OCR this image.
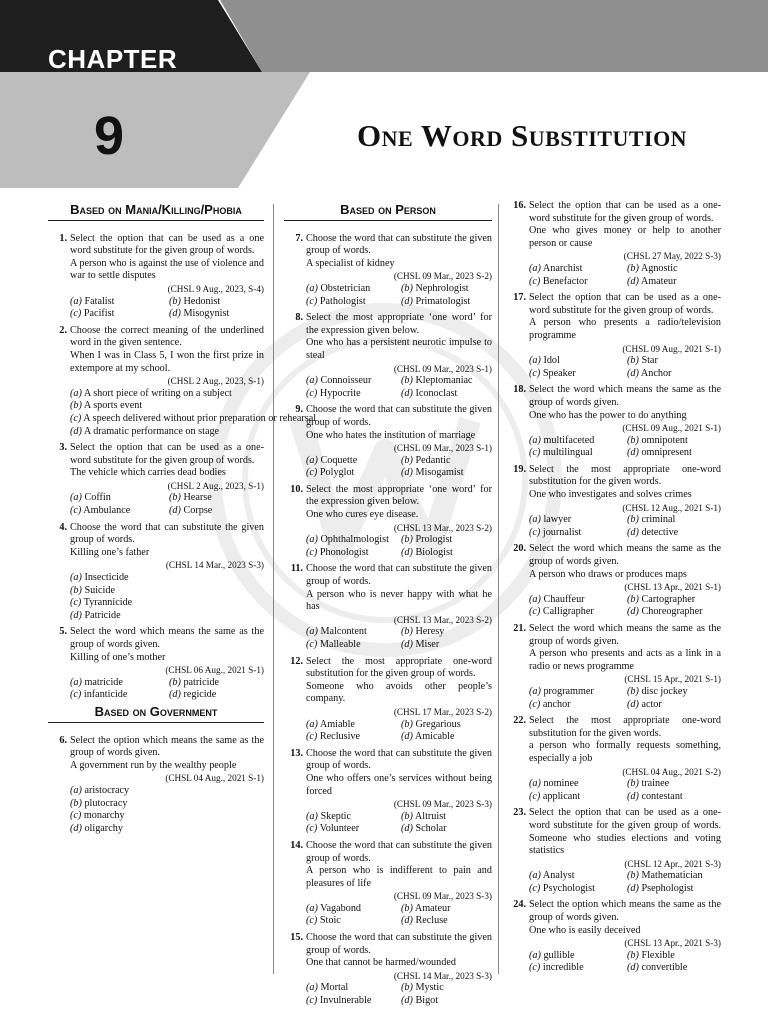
CHAPTER
9	One Word Substitution
Based on Mania/Killing/Phobia
1. Select the option that can be used as a one word substitute for the given group of words.
A person who is against the use of violence and war to settle disputes
(CHSL 9 Aug., 2023, S-4)
(a) Fatalist	(b) Hedonist
(c) Pacifist	(d) Misogynist
2. Choose the correct meaning of the underlined word in the given sentence.
When I was in Class 5, I won the first prize in extempore at my school.
(CHSL 2 Aug., 2023, S-1)
(a) A short piece of writing on a subject
(b) A sports event
(c) A speech delivered without prior preparation or rehearsal
(d) A dramatic performance on stage
3. Select the option that can be used as a one-word substitute for the given group of words.
The vehicle which carries dead bodies
(CHSL 2 Aug., 2023, S-1)
(a) Coffin	(b) Hearse
(c) Ambulance	(d) Corpse
4. Choose the word that can substitute the given group of words.
Killing one’s father
(CHSL 14 Mar., 2023 S-3)
(a) Insecticide
(b) Suicide
(c) Tyrannicide
(d) Patricide
5. Select the word which means the same as the group of words given.
Killing of one’s mother
(CHSL 06 Aug., 2021 S-1)
(a) matricide	(b) patricide
(c) infanticide	(d) regicide
Based on Government
6. Select the option which means the same as the group of words given.
A government run by the wealthy people
(CHSL 04 Aug., 2021 S-1)
(a) aristocracy
(b) plutocracy
(c) monarchy
(d) oligarchy
Based on Person
7. Choose the word that can substitute the given group of words.
A specialist of kidney
(CHSL 09 Mar., 2023 S-2)
(a) Obstetrician	(b) Nephrologist
(c) Pathologist	(d) Primatologist
8. Select the most appropriate ‘one word’ for the expression given below.
One who has a persistent neurotic impulse to steal
(CHSL 09 Mar., 2023 S-1)
(a) Connoisseur	(b) Kleptomaniac
(c) Hypocrite	(d) Iconoclast
9. Choose the word that can substitute the given group of words.
One who hates the institution of marriage
(CHSL 09 Mar., 2023 S-1)
(a) Coquette	(b) Pedantic
(c) Polyglot	(d) Misogamist
10. Select the most appropriate ‘one word’ for the expression given below.
One who cures eye disease.
(CHSL 13 Mar., 2023 S-2)
(a) Ophthalmologist	(b) Prologist
(c) Phonologist	(d) Biologist
11. Choose the word that can substitute the given group of words.
A person who is never happy with what he has
(CHSL 13 Mar., 2023 S-2)
(a) Malcontent	(b) Heresy
(c) Malleable	(d) Miser
12. Select the most appropriate one-word substitution for the given group of words.
Someone who avoids other people’s company.
(CHSL 17 Mar., 2023 S-2)
(a) Amiable	(b) Gregarious
(c) Reclusive	(d) Amicable
13. Choose the word that can substitute the given group of words.
One who offers one’s services without being forced
(CHSL 09 Mar., 2023 S-3)
(a) Skeptic	(b) Altruist
(c) Volunteer	(d) Scholar
14. Choose the word that can substitute the given group of words.
A person who is indifferent to pain and pleasures of life
(CHSL 09 Mar., 2023 S-3)
(a) Vagabond	(b) Amateur
(c) Stoic	(d) Recluse
15. Choose the word that can substitute the given group of words.
One that cannot be harmed/wounded
(CHSL 14 Mar., 2023 S-3)
(a) Mortal	(b) Mystic
(c) Invulnerable	(d) Bigot
16. Select the option that can be used as a one-word substitute for the given group of words.
One who gives money or help to another person or cause
(CHSL 27 May, 2022 S-3)
(a) Anarchist	(b) Agnostic
(c) Benefactor	(d) Amateur
17. Select the option that can be used as a one-word substitute for the given group of words.
A person who presents a radio/television programme
(CHSL 09 Aug., 2021 S-1)
(a) Idol	(b) Star
(c) Speaker	(d) Anchor
18. Select the word which means the same as the group of words given.
One who has the power to do anything
(CHSL 09 Aug., 2021 S-1)
(a) multifaceted	(b) omnipotent
(c) multilingual	(d) omnipresent
19. Select the most appropriate one-word substitution for the given words.
One who investigates and solves crimes
(CHSL 12 Aug., 2021 S-1)
(a) lawyer	(b) criminal
(c) journalist	(d) detective
20. Select the word which means the same as the group of words given.
A person who draws or produces maps
(CHSL 13 Apr., 2021 S-1)
(a) Chauffeur	(b) Cartographer
(c) Calligrapher	(d) Choreographer
21. Select the word which means the same as the group of words given.
A person who presents and acts as a link in a radio or news programme
(CHSL 15 Apr., 2021 S-1)
(a) programmer	(b) disc jockey
(c) anchor	(d) actor
22. Select the most appropriate one-word substitution for the given words.
a person who formally requests something, especially a job
(CHSL 04 Aug., 2021 S-2)
(a) nominee	(b) trainee
(c) applicant	(d) contestant
23. Select the option that can be used as a one-word substitute for the given group of words. Someone who studies elections and voting statistics
(CHSL 12 Apr., 2021 S-3)
(a) Analyst	(b) Mathematician
(c) Psychologist	(d) Psephologist
24. Select the option which means the same as the group of words given.
One who is easily deceived
(CHSL 13 Apr., 2021 S-3)
(a) gullible	(b) Flexible
(c) incredible	(d) convertible
